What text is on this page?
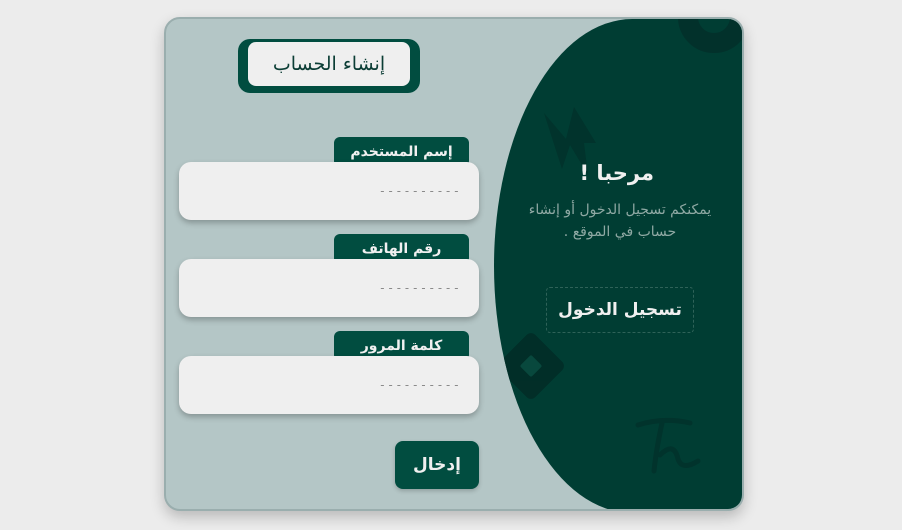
إنشاء الحساب
إسم المستخدم
----------
رقم الهاتف
----------
كلمة المرور
إدخال
مرحبا !
يمكنكم تسجيل الدخول أو إنشاء حساب في الموقع .
تسجيل الدخول
